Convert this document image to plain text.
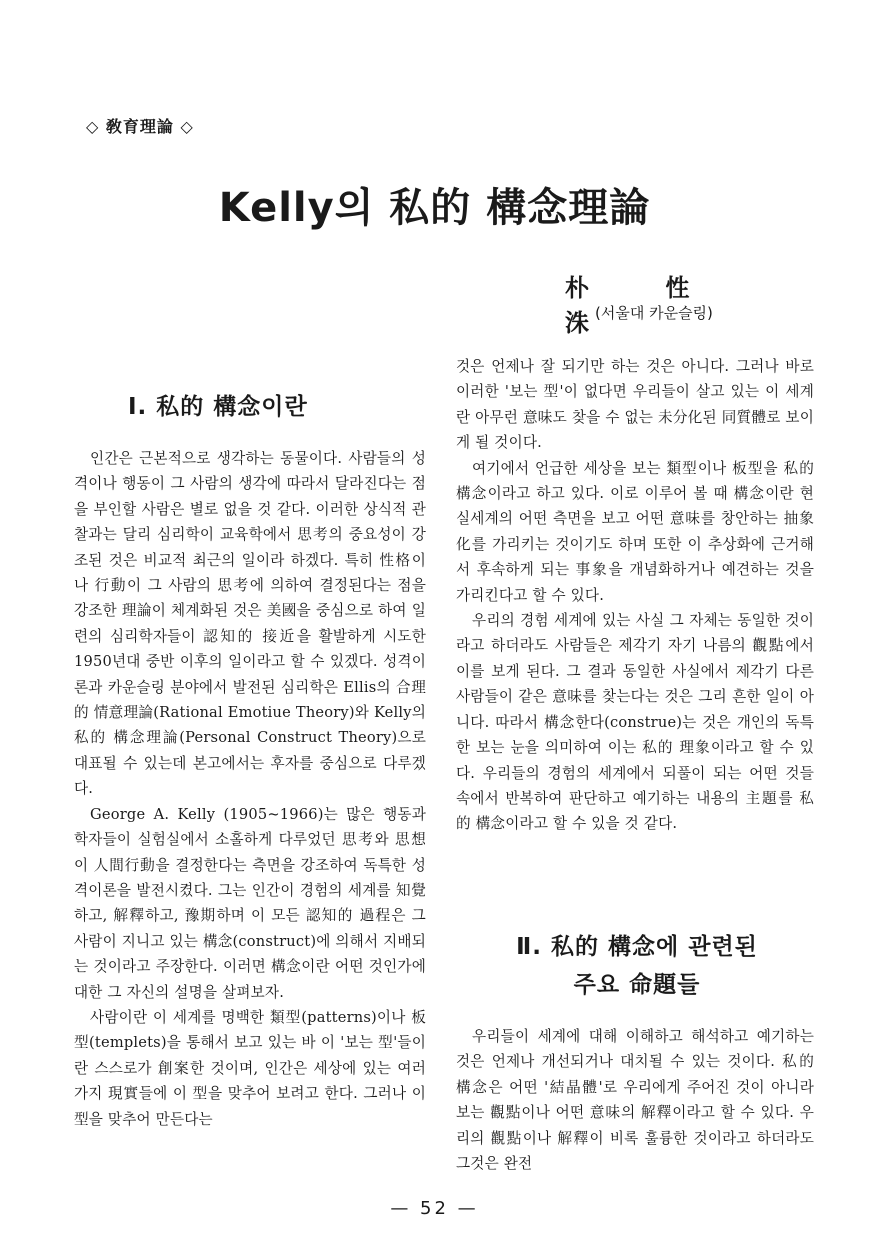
◇ 敎育理論 ◇
Kelly의 私的 構念理論
朴 性 洙
(서울대 카운슬링)
Ⅰ. 私的 構念이란

인간은 근본적으로 생각하는 동물이다. 사람들의 성격이나 행동이 그 사람의 생각에 따라서 달라진다는 점을 부인할 사람은 별로 없을 것 같다. 이러한 상식적 관찰과는 달리 심리학이 교육학에서 思考의 중요성이 강조된 것은 비교적 최근의 일이라 하겠다. 특히 性格이나 行動이 그 사람의 思考에 의하여 결정된다는 점을 강조한 理論이 체계화된 것은 美國을 중심으로 하여 일련의 심리학자들이 認知的 接近을 활발하게 시도한 1950년대 중반 이후의 일이라고 할 수 있겠다. 성격이론과 카운슬링 분야에서 발전된 심리학은 Ellis의 合理的 情意理論(Rational Emotiue Theory)와 Kelly의 私的 構念理論(Personal Construct Theory)으로 대표될 수 있는데 본고에서는 후자를 중심으로 다루겠다.

George A. Kelly (1905~1966)는 많은 행동과 학자들이 실험실에서 소홀하게 다루었던 思考와 思想이 人間行動을 결정한다는 측면을 강조하여 독특한 성격이론을 발전시켰다. 그는 인간이 경험의 세계를 知覺하고, 解釋하고, 豫期하며 이 모든 認知的 過程은 그 사람이 지니고 있는 構念(construct)에 의해서 지배되는 것이라고 주장한다. 이러면 構念이란 어떤 것인가에 대한 그 자신의 설명을 살펴보자.

사람이란 이 세계를 명백한 類型(patterns)이나 板型(templets)을 통해서 보고 있는 바 이 '보는 型'들이란 스스로가 創案한 것이며, 인간은 세상에 있는 여러가지 現實들에 이 型을 맞추어 보려고 한다. 그러나 이 型을 맞추어 만든다는

것은 언제나 잘 되기만 하는 것은 아니다. 그러나 바로 이러한 '보는 型'이 없다면 우리들이 살고 있는 이 세계란 아무런 意味도 찾을 수 없는 未分化된 同質體로 보이게 될 것이다.

여기에서 언급한 세상을 보는 類型이나 板型을 私的 構念이라고 하고 있다. 이로 이루어 볼 때 構念이란 현실세계의 어떤 측면을 보고 어떤 意味를 창안하는 抽象化를 가리키는 것이기도 하며 또한 이 추상화에 근거해서 후속하게 되는 事象을 개념화하거나 예견하는 것을 가리킨다고 할 수 있다.

우리의 경험 세계에 있는 사실 그 자체는 동일한 것이라고 하더라도 사람들은 제각기 자기 나름의 觀點에서 이를 보게 된다. 그 결과 동일한 사실에서 제각기 다른 사람들이 같은 意味를 찾는다는 것은 그리 흔한 일이 아니다. 따라서 構念한다(construe)는 것은 개인의 독특한 보는 눈을 의미하여 이는 私的 理象이라고 할 수 있다. 우리들의 경험의 세계에서 되풀이 되는 어떤 것들 속에서 반복하여 판단하고 예기하는 내용의 主題를 私的 構念이라고 할 수 있을 것 같다.

Ⅱ. 私的 構念에 관련된
주요 命題들

우리들이 세계에 대해 이해하고 해석하고 예기하는 것은 언제나 개선되거나 대치될 수 있는 것이다. 私的 構念은 어떤 '結晶體'로 우리에게 주어진 것이 아니라 보는 觀點이나 어떤 意味의 解釋이라고 할 수 있다. 우리의 觀點이나 解釋이 비록 훌륭한 것이라고 하더라도 그것은 완전

— 52 —
